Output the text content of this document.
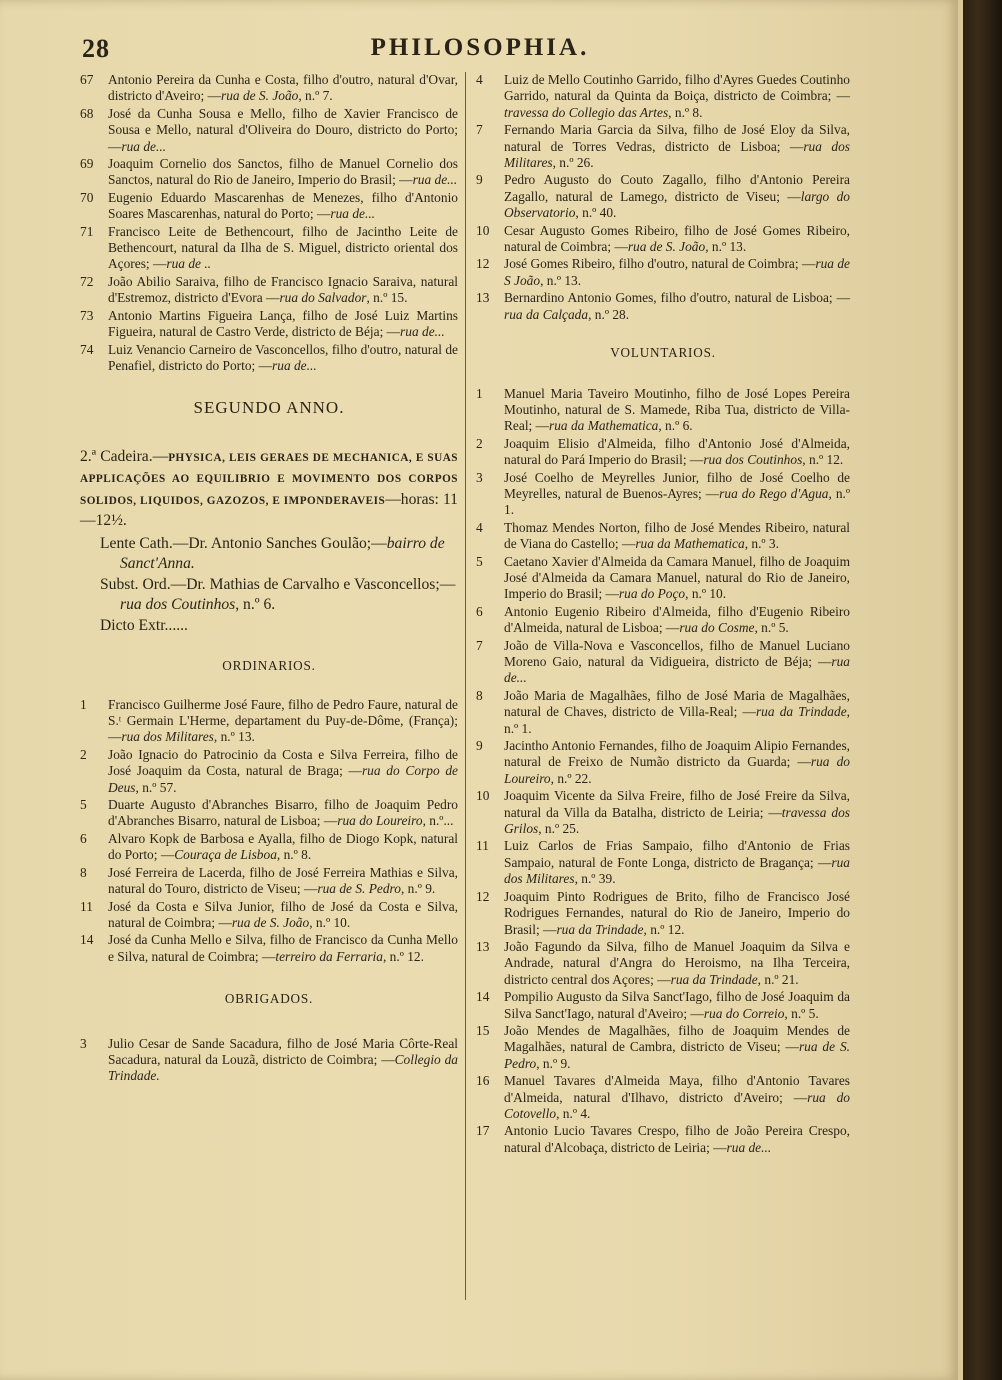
28	PHILOSOPHIA.
67	Antonio Pereira da Cunha e Costa, filho d'outro, natural d'Ovar, districto d'Aveiro; —rua de S. João, n.º 7.
68	José da Cunha Sousa e Mello, filho de Xavier Francisco de Sousa e Mello, natural d'Oliveira do Douro, districto do Porto; —rua de...
69	Joaquim Cornelio dos Sanctos, filho de Manuel Cornelio dos Sanctos, natural do Rio de Janeiro, Imperio do Brasil; —rua de...
70	Eugenio Eduardo Mascarenhas de Menezes, filho d'Antonio Soares Mascarenhas, natural do Porto; —rua de...
71	Francisco Leite de Bethencourt, filho de Jacintho Leite de Bethencourt, natural da Ilha de S. Miguel, districto oriental dos Açores; —rua de ..
72	João Abilio Saraiva, filho de Francisco Ignacio Saraiva, natural d'Estremoz, districto d'Evora —rua do Salvador, n.º 15.
73	Antonio Martins Figueira Lança, filho de José Luiz Martins Figueira, natural de Castro Verde, districto de Béja; —rua de...
74	Luiz Venancio Carneiro de Vasconcellos, filho d'outro, natural de Penafiel, districto do Porto; —rua de...
SEGUNDO ANNO.
2.ª Cadeira.—PHYSICA, LEIS GERAES DE MECHANICA, E SUAS APPLICAÇÕES AO EQUILIBRIO E MOVIMENTO DOS CORPOS SOLIDOS, LIQUIDOS, GAZOZOS, E IMPONDERAVEIS—horas: 11—12½.
Lente Cath.—Dr. Antonio Sanches Goulão;—bairro de Sanct'Anna.
Subst. Ord.—Dr. Mathias de Carvalho e Vasconcellos;—rua dos Coutinhos, n.º 6.
Dicto Extr......
ORDINARIOS.
1	Francisco Guilherme José Faure, filho de Pedro Faure, natural de S.ᵗ Germain L'Herme, departament du Puy-de-Dôme, (França); —rua dos Militares, n.º 13.
2	João Ignacio do Patrocinio da Costa e Silva Ferreira, filho de José Joaquim da Costa, natural de Braga; —rua do Corpo de Deus, n.º 57.
5	Duarte Augusto d'Abranches Bisarro, filho de Joaquim Pedro d'Abranches Bisarro, natural de Lisboa; —rua do Loureiro, n.º...
6	Alvaro Kopk de Barbosa e Ayalla, filho de Diogo Kopk, natural do Porto; —Couraça de Lisboa, n.º 8.
8	José Ferreira de Lacerda, filho de José Ferreira Mathias e Silva, natural do Touro, districto de Viseu; —rua de S. Pedro, n.º 9.
11	José da Costa e Silva Junior, filho de José da Costa e Silva, natural de Coimbra; —rua de S. João, n.º 10.
14	José da Cunha Mello e Silva, filho de Francisco da Cunha Mello e Silva, natural de Coimbra; —terreiro da Ferraria, n.º 12.
OBRIGADOS.
3	Julio Cesar de Sande Sacadura, filho de José Maria Côrte-Real Sacadura, natural da Louzã, districto de Coimbra; —Collegio da Trindade.
4	Luiz de Mello Coutinho Garrido, filho d'Ayres Guedes Coutinho Garrido, natural da Quinta da Boiça, districto de Coimbra; —travessa do Collegio das Artes, n.º 8.
7	Fernando Maria Garcia da Silva, filho de José Eloy da Silva, natural de Torres Vedras, districto de Lisboa; —rua dos Militares, n.º 26.
9	Pedro Augusto do Couto Zagallo, filho d'Antonio Pereira Zagallo, natural de Lamego, districto de Viseu; —largo do Observatorio, n.º 40.
10	Cesar Augusto Gomes Ribeiro, filho de José Gomes Ribeiro, natural de Coimbra; —rua de S. João, n.º 13.
12	José Gomes Ribeiro, filho d'outro, natural de Coimbra; —rua de S João, n.º 13.
13	Bernardino Antonio Gomes, filho d'outro, natural de Lisboa; —rua da Calçada, n.º 28.
VOLUNTARIOS.
1	Manuel Maria Taveiro Moutinho, filho de José Lopes Pereira Moutinho, natural de S. Mamede, Riba Tua, districto de Villa-Real; —rua da Mathematica, n.º 6.
2	Joaquim Elisio d'Almeida, filho d'Antonio José d'Almeida, natural do Pará Imperio do Brasil; —rua dos Coutinhos, n.º 12.
3	José Coelho de Meyrelles Junior, filho de José Coelho de Meyrelles, natural de Buenos-Ayres; —rua do Rego d'Agua, n.º 1.
4	Thomaz Mendes Norton, filho de José Mendes Ribeiro, natural de Viana do Castello; —rua da Mathematica, n.º 3.
5	Caetano Xavier d'Almeida da Camara Manuel, filho de Joaquim José d'Almeida da Camara Manuel, natural do Rio de Janeiro, Imperio do Brasil; —rua do Poço, n.º 10.
6	Antonio Eugenio Ribeiro d'Almeida, filho d'Eugenio Ribeiro d'Almeida, natural de Lisboa; —rua do Cosme, n.º 5.
7	João de Villa-Nova e Vasconcellos, filho de Manuel Luciano Moreno Gaio, natural da Vidigueira, districto de Béja; —rua de...
8	João Maria de Magalhães, filho de José Maria de Magalhães, natural de Chaves, districto de Villa-Real; —rua da Trindade, n.º 1.
9	Jacintho Antonio Fernandes, filho de Joaquim Alipio Fernandes, natural de Freixo de Numão districto da Guarda; —rua do Loureiro, n.º 22.
10	Joaquim Vicente da Silva Freire, filho de José Freire da Silva, natural da Villa da Batalha, districto de Leiria; —travessa dos Grilos, n.º 25.
11	Luiz Carlos de Frias Sampaio, filho d'Antonio de Frias Sampaio, natural de Fonte Longa, districto de Bragança; —rua dos Militares, n.º 39.
12	Joaquim Pinto Rodrigues de Brito, filho de Francisco José Rodrigues Fernandes, natural do Rio de Janeiro, Imperio do Brasil; —rua da Trindade, n.º 12.
13	João Fagundo da Silva, filho de Manuel Joaquim da Silva e Andrade, natural d'Angra do Heroismo, na Ilha Terceira, districto central dos Açores; —rua da Trindade, n.º 21.
14	Pompilio Augusto da Silva Sanct'Iago, filho de José Joaquim da Silva Sanct'Iago, natural d'Aveiro; —rua do Correio, n.º 5.
15	João Mendes de Magalhães, filho de Joaquim Mendes de Magalhães, natural de Cambra, districto de Viseu; —rua de S. Pedro, n.º 9.
16	Manuel Tavares d'Almeida Maya, filho d'Antonio Tavares d'Almeida, natural d'Ilhavo, districto d'Aveiro; —rua do Cotovello, n.º 4.
17	Antonio Lucio Tavares Crespo, filho de João Pereira Crespo, natural d'Alcobaça, districto de Leiria; —rua de...
